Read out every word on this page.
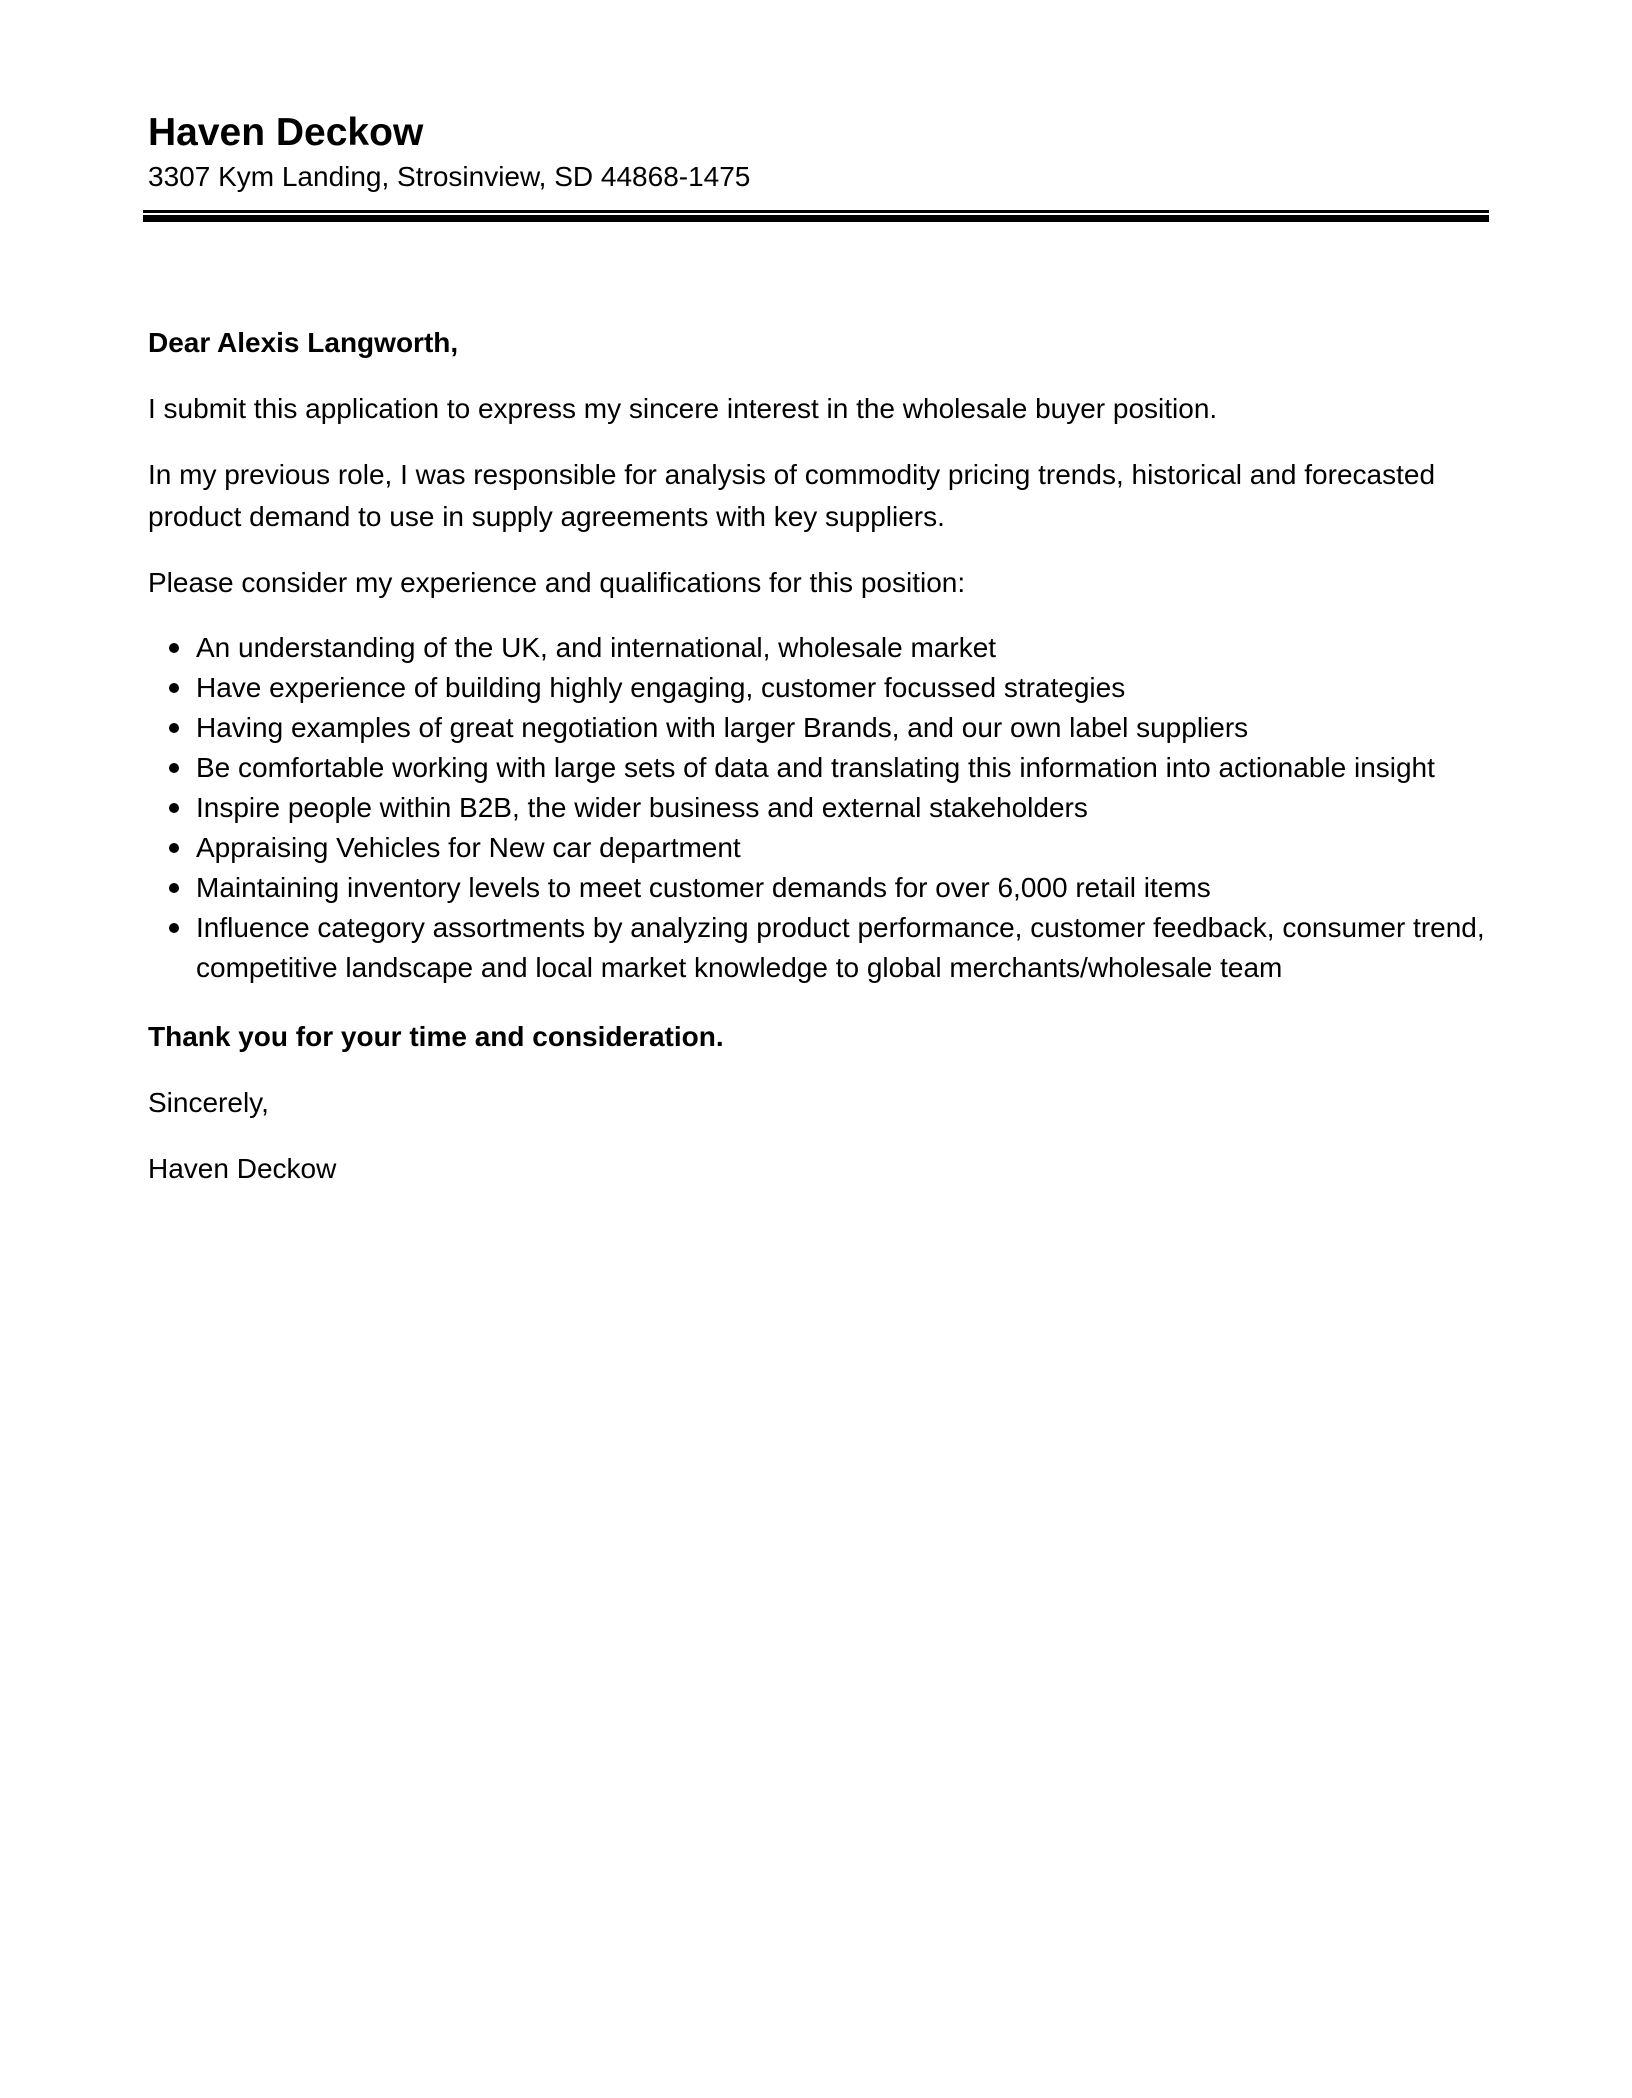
Haven Deckow

3307 Kym Landing, Strosinview, SD 44868-1475

Dear Alexis Langworth,

I submit this application to express my sincere interest in the wholesale buyer position.

In my previous role, I was responsible for analysis of commodity pricing trends, historical and forecasted product demand to use in supply agreements with key suppliers.

Please consider my experience and qualifications for this position:

An understanding of the UK, and international, wholesale market
Have experience of building highly engaging, customer focussed strategies
Having examples of great negotiation with larger Brands, and our own label suppliers
Be comfortable working with large sets of data and translating this information into actionable insight
Inspire people within B2B, the wider business and external stakeholders
Appraising Vehicles for New car department
Maintaining inventory levels to meet customer demands for over 6,000 retail items
Influence category assortments by analyzing product performance, customer feedback, consumer trend, competitive landscape and local market knowledge to global merchants/wholesale team

Thank you for your time and consideration.

Sincerely,

Haven Deckow
